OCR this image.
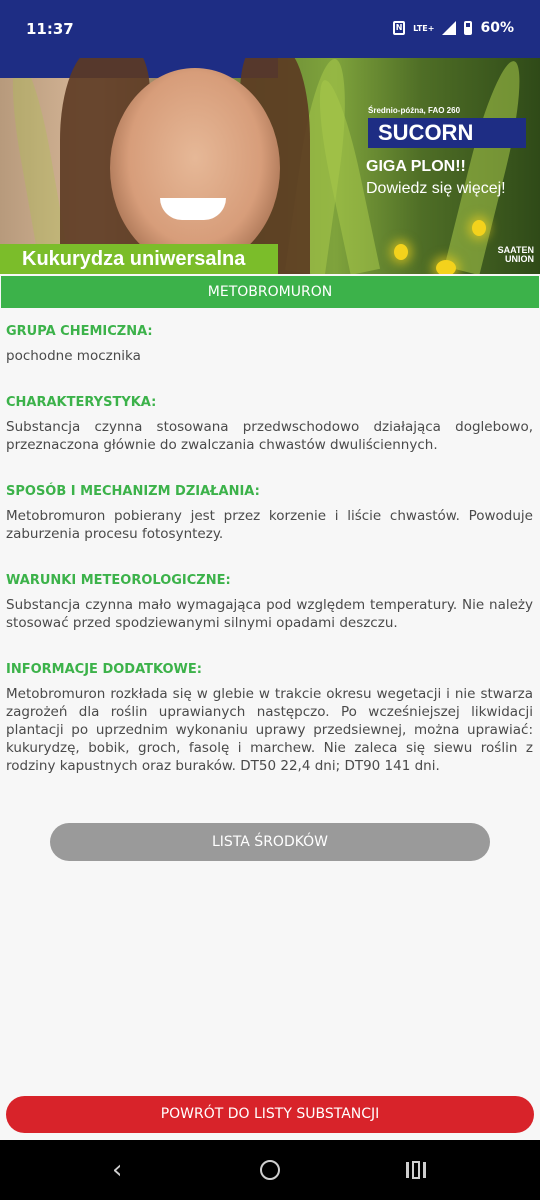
11:37	N	LTE+	60%
Kukurydza uniwersalna
Średnio-późna, FAO 260
SUCORN
GIGA PLON!!
Dowiedz się więcej!
SAATEN
UNION
METOBROMURON
GRUPA CHEMICZNA:
pochodne mocznika
CHARAKTERYSTYKA:
Substancja czynna stosowana przedwschodowo działająca doglebowo, przeznaczona głównie do zwalczania chwastów dwuliściennych.
SPOSÓB I MECHANIZM DZIAŁANIA:
Metobromuron pobierany jest przez korzenie i liście chwastów. Powoduje zaburzenia procesu fotosyntezy.
WARUNKI METEOROLOGICZNE:
Substancja czynna mało wymagająca pod względem temperatury. Nie należy stosować przed spodziewanymi silnymi opadami deszczu.
INFORMACJE DODATKOWE:
Metobromuron rozkłada się w glebie w trakcie okresu wegetacji i nie stwarza zagrożeń dla roślin uprawianych następczo. Po wcześniejszej likwidacji plantacji po uprzednim wykonaniu uprawy przedsiewnej, można uprawiać: kukurydzę, bobik, groch, fasolę i marchew. Nie zaleca się siewu roślin z rodziny kapustnych oraz buraków. DT50 22,4 dni; DT90 141 dni.
LISTA ŚRODKÓW
POWRÓT DO LISTY SUBSTANCJI
‹
